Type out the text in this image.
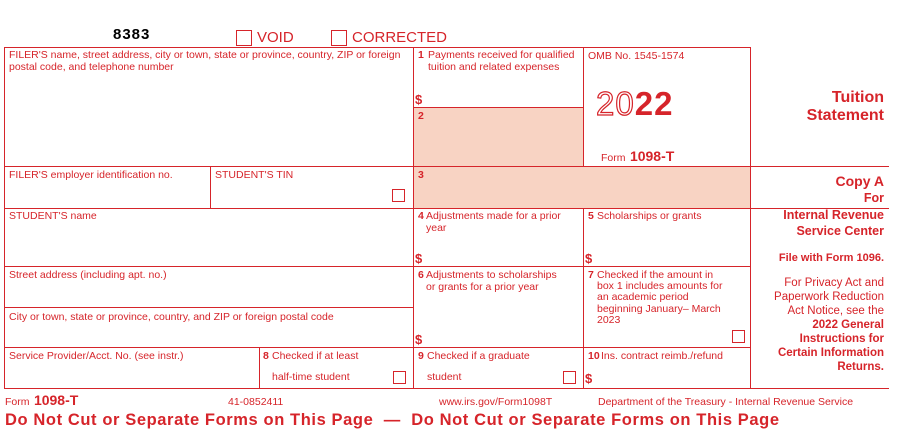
8383	VOID	CORRECTED
FILER'S name, street address, city or town, state or province, country, ZIP or foreign postal code, and telephone number
1 Payments received for qualified tuition and related expenses
$
2
OMB No. 1545-1574
2022
Form 1098-T
3
FILER'S employer identification no.	STUDENT'S TIN
STUDENT'S name	4 Adjustments made for a prior year
$
5 Scholarships or grants
$
Street address (including apt. no.)
City or town, state or province, country, and ZIP or foreign postal code
6 Adjustments to scholarships or grants for a prior year
$
7 Checked if the amount in box 1 includes amounts for an academic period beginning January– March 2023
Service Provider/Acct. No. (see instr.)	8 Checked if at least
half-time student
9 Checked if a graduate
student
10 Ins. contract reimb./refund
$
Tuition
Statement
Copy A
For
Internal Revenue
Service Center
File with Form 1096.
For Privacy Act and
Paperwork Reduction
Act Notice, see the
2022 General
Instructions for
Certain Information
Returns.
Form 1098-T	41-0852411	www.irs.gov/Form1098T	Department of the Treasury - Internal Revenue Service
Do Not Cut or Separate Forms on This Page  —  Do Not Cut or Separate Forms on This Page
